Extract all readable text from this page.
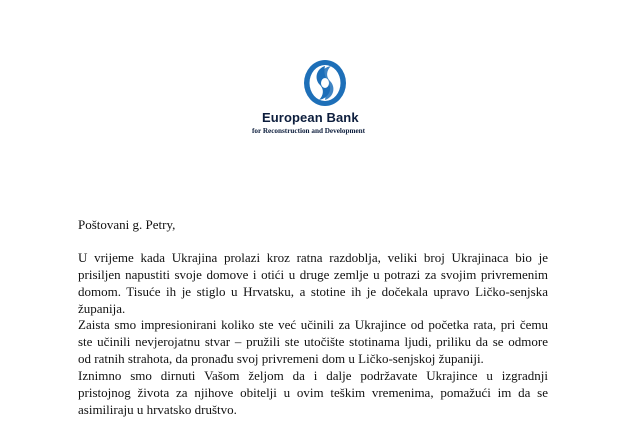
European Bank
for Reconstruction and Development
Poštovani g. Petry,
U vrijeme kada Ukrajina prolazi kroz ratna razdoblja, veliki broj Ukrajinaca bio je
prisiljen napustiti svoje domove i otići u druge zemlje u potrazi za svojim privremenim
domom. Tisuće ih je stiglo u Hrvatsku, a stotine ih je dočekala upravo Ličko-senjska
županija.
Zaista smo impresionirani koliko ste već učinili za Ukrajince od početka rata, pri čemu
ste učinili nevjerojatnu stvar – pružili ste utočište stotinama ljudi, priliku da se odmore
od ratnih strahota, da pronađu svoj privremeni dom u Ličko-senjskoj županiji.
Iznimno smo dirnuti Vašom željom da i dalje podržavate Ukrajince u izgradnji
pristojnog života za njihove obitelji u ovim teškim vremenima, pomažući im da se
asimiliraju u hrvatsko društvo.
